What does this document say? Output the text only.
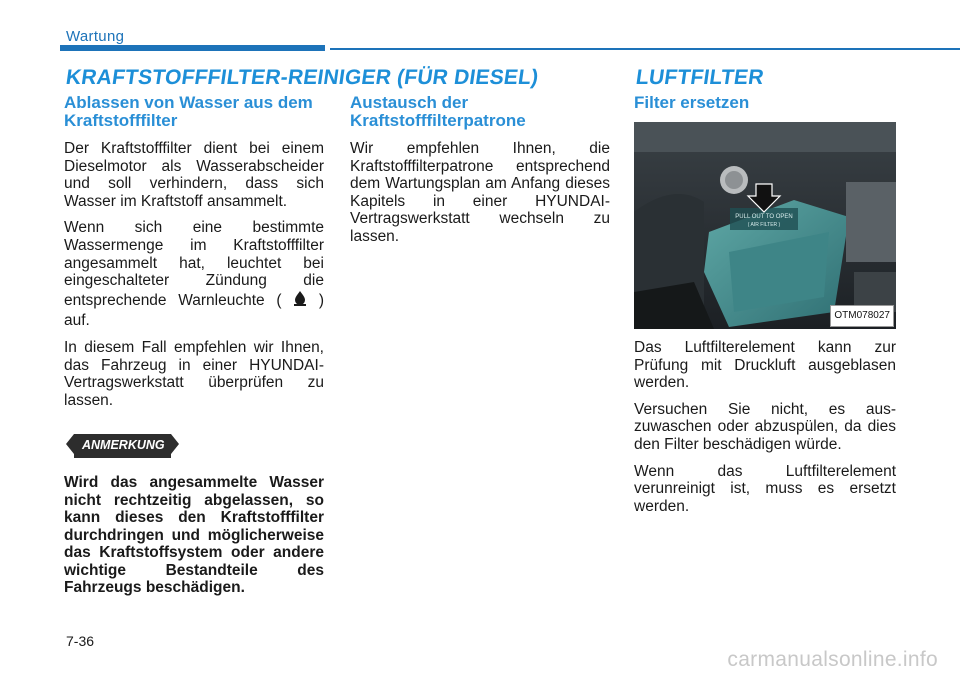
Wartung
KRAFTSTOFFFILTER-REINIGER (FÜR DIESEL)	LUFTFILTER
Ablassen von Wasser aus dem Kraftstofffilter

Der Kraftstofffilter dient bei einem Dieselmotor als Wasserabscheider und soll verhindern, dass sich Wasser im Kraftstoff ansammelt.

Wenn sich eine bestimmte Wassermenge im Kraftstofffilter angesammelt hat, leuchtet bei eingeschalteter Zündung die entsprechende Warnleuchte ( ) auf.

In diesem Fall empfehlen wir Ihnen, das Fahrzeug in einer HYUNDAI-Vertragswerkstatt überprüfen zu lassen.

ANMERKUNG

Wird das angesammelte Wasser nicht rechtzeitig abgelassen, so kann dieses den Kraftstofffilter durchdringen und möglicherweise das Kraftstoffsystem oder andere wichtige Bestandteile des Fahrzeugs beschädigen.

Austausch der Kraftstofffilterpatrone

Wir empfehlen Ihnen, die Kraftstofffilterpatrone entsprechend dem Wartungsplan am Anfang dieses Kapitels in einer HYUNDAI-Vertragswerkstatt wechseln zu lassen.

Filter ersetzen
PULL OUT TO OPEN
( AIR FILTER )
OTM078027

Das Luftfilterelement kann zur Prüfung mit Druckluft ausgeblasen werden.

Versuchen Sie nicht, es aus-zuwaschen oder abzuspülen, da dies den Filter beschädigen würde.

Wenn das Luftfilterelement verunreinigt ist, muss es ersetzt werden.

7-36
carmanualsonline.info
